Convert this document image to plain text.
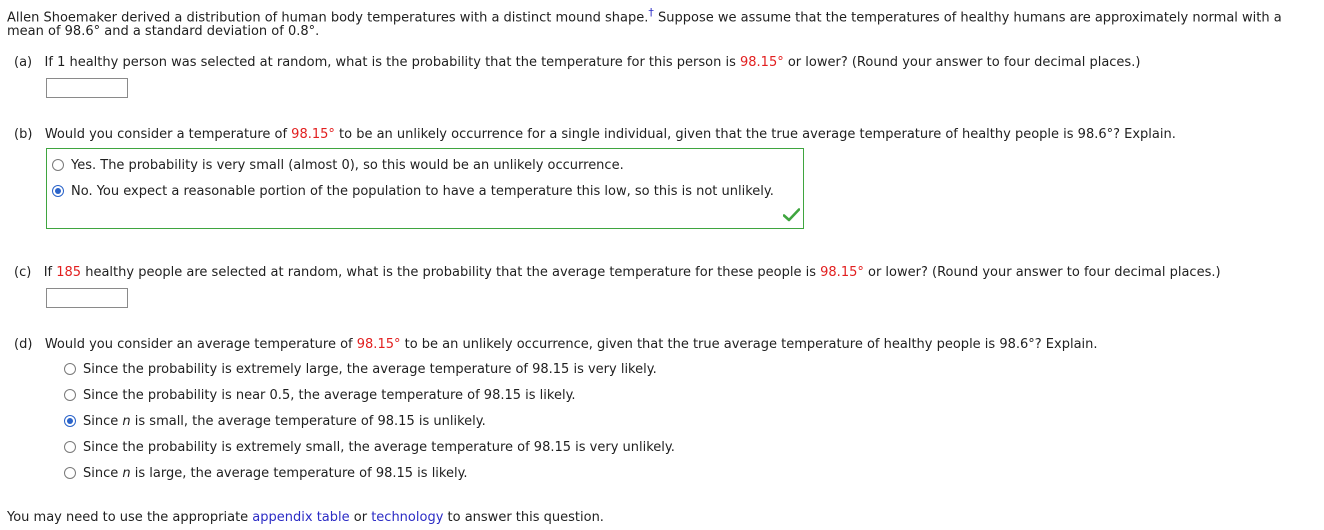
Allen Shoemaker derived a distribution of human body temperatures with a distinct mound shape.† Suppose we assume that the temperatures of healthy humans are approximately normal with a
mean of 98.6° and a standard deviation of 0.8°.
(a) If 1 healthy person was selected at random, what is the probability that the temperature for this person is 98.15° or lower? (Round your answer to four decimal places.)
(b) Would you consider a temperature of 98.15° to be an unlikely occurrence for a single individual, given that the true average temperature of healthy people is 98.6°? Explain.
Yes. The probability is very small (almost 0), so this would be an unlikely occurrence.
No. You expect a reasonable portion of the population to have a temperature this low, so this is not unlikely.
(c) If 185 healthy people are selected at random, what is the probability that the average temperature for these people is 98.15° or lower? (Round your answer to four decimal places.)
(d) Would you consider an average temperature of 98.15° to be an unlikely occurrence, given that the true average temperature of healthy people is 98.6°? Explain.
Since the probability is extremely large, the average temperature of 98.15 is very likely.
Since the probability is near 0.5, the average temperature of 98.15 is likely.
Since n is small, the average temperature of 98.15 is unlikely.
Since the probability is extremely small, the average temperature of 98.15 is very unlikely.
Since n is large, the average temperature of 98.15 is likely.
You may need to use the appropriate appendix table or technology to answer this question.
